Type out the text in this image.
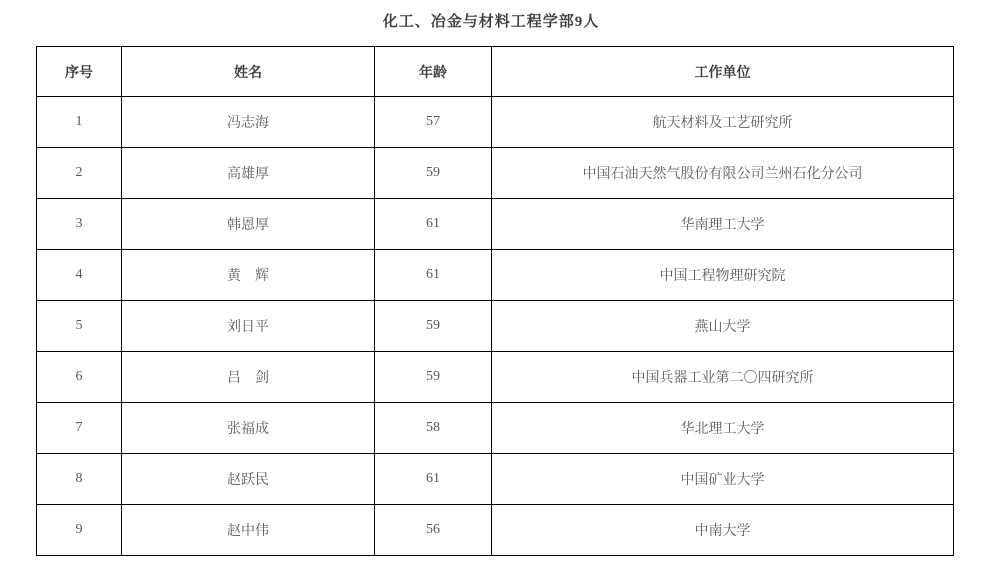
化工、冶金与材料工程学部9人
序号	姓名	年龄	工作单位
1	冯志海	57	航天材料及工艺研究所
2	高雄厚	59	中国石油天然气股份有限公司兰州石化分公司
3	韩恩厚	61	华南理工大学
4	黄　辉	61	中国工程物理研究院
5	刘日平	59	燕山大学
6	吕　剑	59	中国兵器工业第二〇四研究所
7	张福成	58	华北理工大学
8	赵跃民	61	中国矿业大学
9	赵中伟	56	中南大学
